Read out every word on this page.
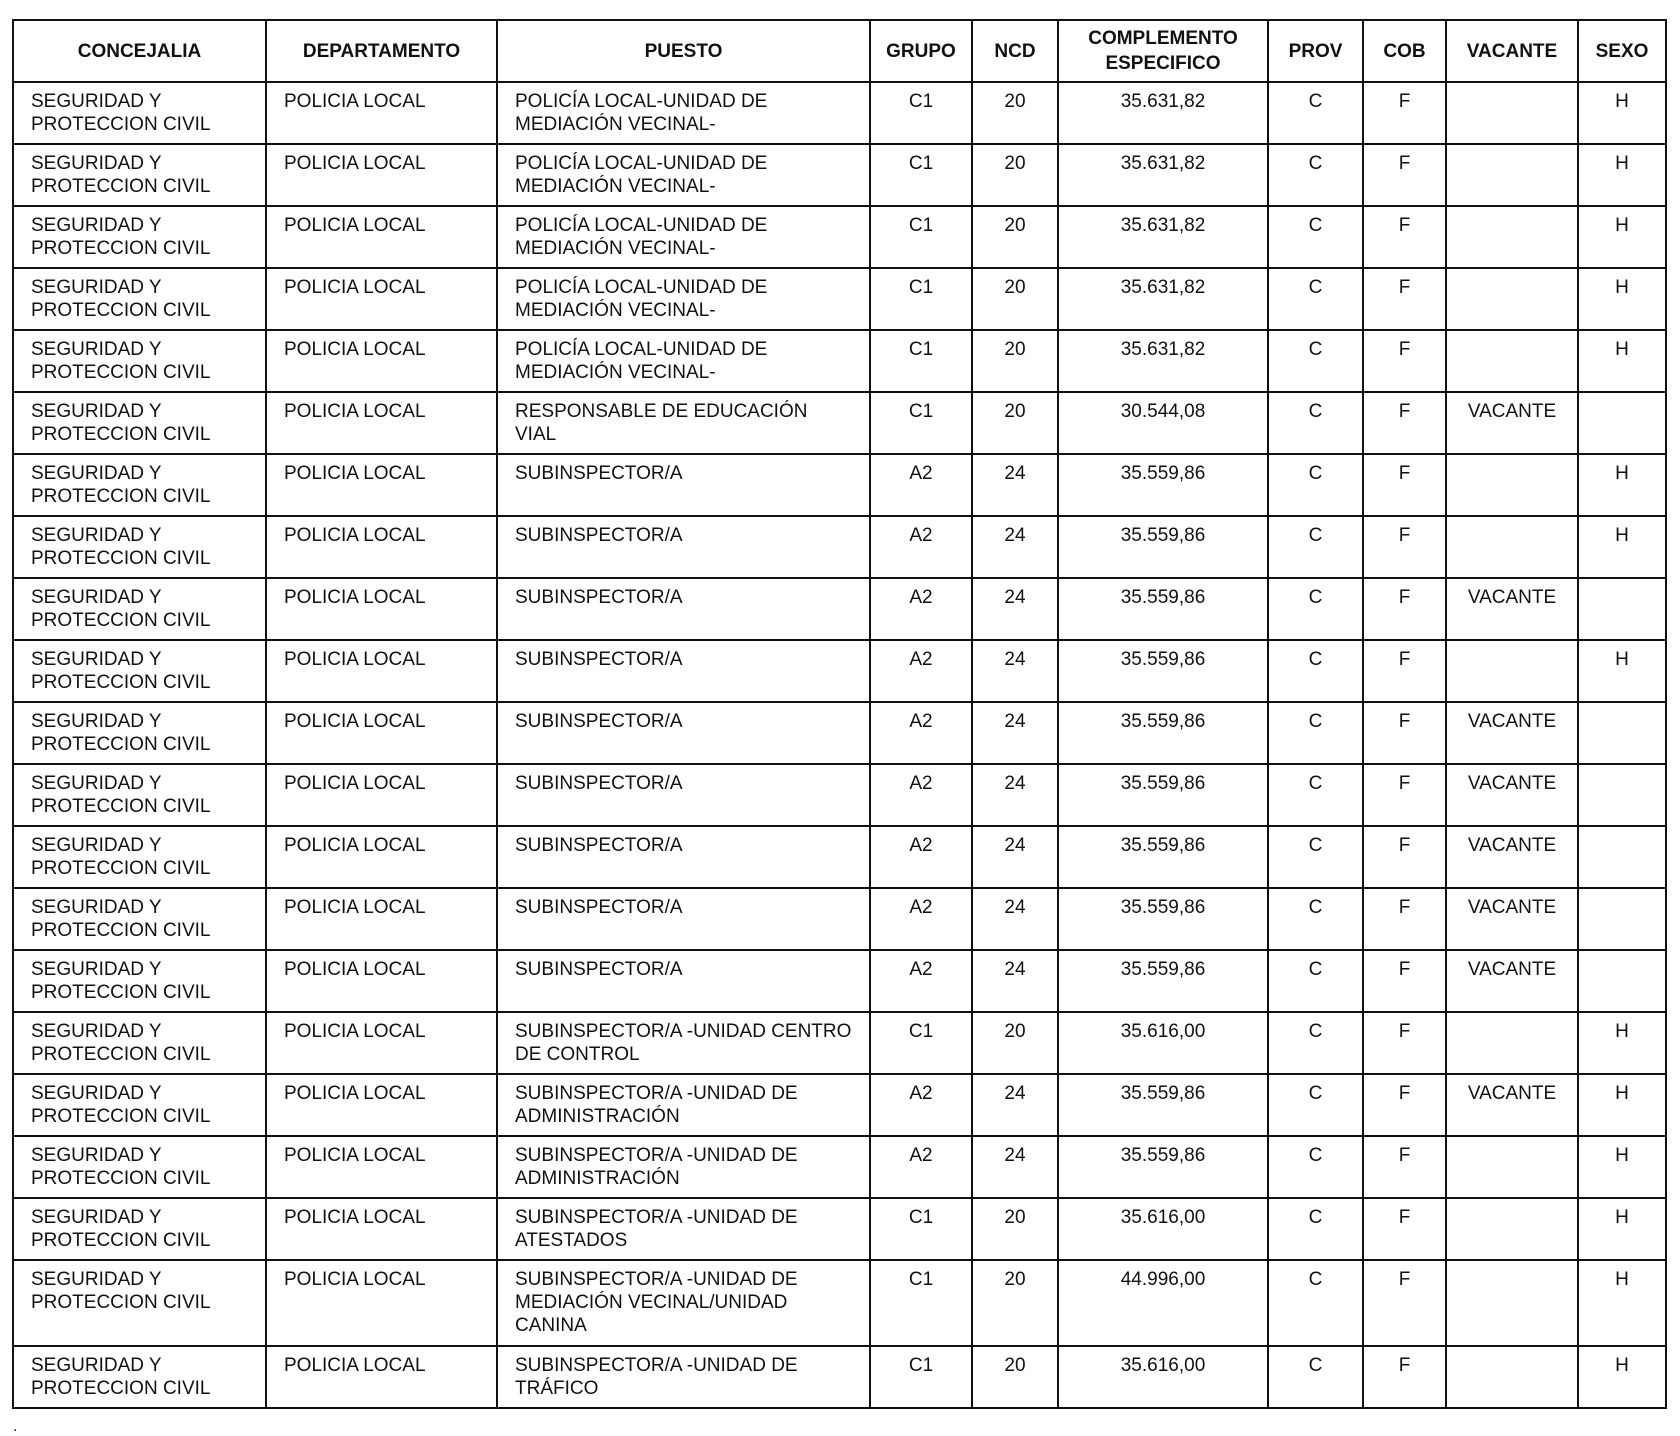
CONCEJALIA	DEPARTAMENTO	PUESTO	GRUPO	NCD	COMPLEMENTO ESPECIFICO	PROV	COB	VACANTE	SEXO
SEGURIDAD Y PROTECCION CIVIL	POLICIA LOCAL	POLICÍA LOCAL-UNIDAD DE MEDIACIÓN VECINAL-	C1	20	35.631,82	C	F		H
SEGURIDAD Y PROTECCION CIVIL	POLICIA LOCAL	POLICÍA LOCAL-UNIDAD DE MEDIACIÓN VECINAL-	C1	20	35.631,82	C	F		H
SEGURIDAD Y PROTECCION CIVIL	POLICIA LOCAL	POLICÍA LOCAL-UNIDAD DE MEDIACIÓN VECINAL-	C1	20	35.631,82	C	F		H
SEGURIDAD Y PROTECCION CIVIL	POLICIA LOCAL	POLICÍA LOCAL-UNIDAD DE MEDIACIÓN VECINAL-	C1	20	35.631,82	C	F		H
SEGURIDAD Y PROTECCION CIVIL	POLICIA LOCAL	POLICÍA LOCAL-UNIDAD DE MEDIACIÓN VECINAL-	C1	20	35.631,82	C	F		H
SEGURIDAD Y PROTECCION CIVIL	POLICIA LOCAL	RESPONSABLE DE EDUCACIÓN VIAL	C1	20	30.544,08	C	F	VACANTE	
SEGURIDAD Y PROTECCION CIVIL	POLICIA LOCAL	SUBINSPECTOR/A	A2	24	35.559,86	C	F		H
SEGURIDAD Y PROTECCION CIVIL	POLICIA LOCAL	SUBINSPECTOR/A	A2	24	35.559,86	C	F		H
SEGURIDAD Y PROTECCION CIVIL	POLICIA LOCAL	SUBINSPECTOR/A	A2	24	35.559,86	C	F	VACANTE	
SEGURIDAD Y PROTECCION CIVIL	POLICIA LOCAL	SUBINSPECTOR/A	A2	24	35.559,86	C	F		H
SEGURIDAD Y PROTECCION CIVIL	POLICIA LOCAL	SUBINSPECTOR/A	A2	24	35.559,86	C	F	VACANTE	
SEGURIDAD Y PROTECCION CIVIL	POLICIA LOCAL	SUBINSPECTOR/A	A2	24	35.559,86	C	F	VACANTE	
SEGURIDAD Y PROTECCION CIVIL	POLICIA LOCAL	SUBINSPECTOR/A	A2	24	35.559,86	C	F	VACANTE	
SEGURIDAD Y PROTECCION CIVIL	POLICIA LOCAL	SUBINSPECTOR/A	A2	24	35.559,86	C	F	VACANTE	
SEGURIDAD Y PROTECCION CIVIL	POLICIA LOCAL	SUBINSPECTOR/A	A2	24	35.559,86	C	F	VACANTE	
SEGURIDAD Y PROTECCION CIVIL	POLICIA LOCAL	SUBINSPECTOR/A -UNIDAD CENTRO DE CONTROL	C1	20	35.616,00	C	F		H
SEGURIDAD Y PROTECCION CIVIL	POLICIA LOCAL	SUBINSPECTOR/A -UNIDAD DE ADMINISTRACIÓN	A2	24	35.559,86	C	F	VACANTE	H
SEGURIDAD Y PROTECCION CIVIL	POLICIA LOCAL	SUBINSPECTOR/A -UNIDAD DE ADMINISTRACIÓN	A2	24	35.559,86	C	F		H
SEGURIDAD Y PROTECCION CIVIL	POLICIA LOCAL	SUBINSPECTOR/A -UNIDAD DE ATESTADOS	C1	20	35.616,00	C	F		H
SEGURIDAD Y PROTECCION CIVIL	POLICIA LOCAL	SUBINSPECTOR/A -UNIDAD DE MEDIACIÓN VECINAL/UNIDAD CANINA	C1	20	44.996,00	C	F		H
SEGURIDAD Y PROTECCION CIVIL	POLICIA LOCAL	SUBINSPECTOR/A -UNIDAD DE TRÁFICO	C1	20	35.616,00	C	F		H
.
